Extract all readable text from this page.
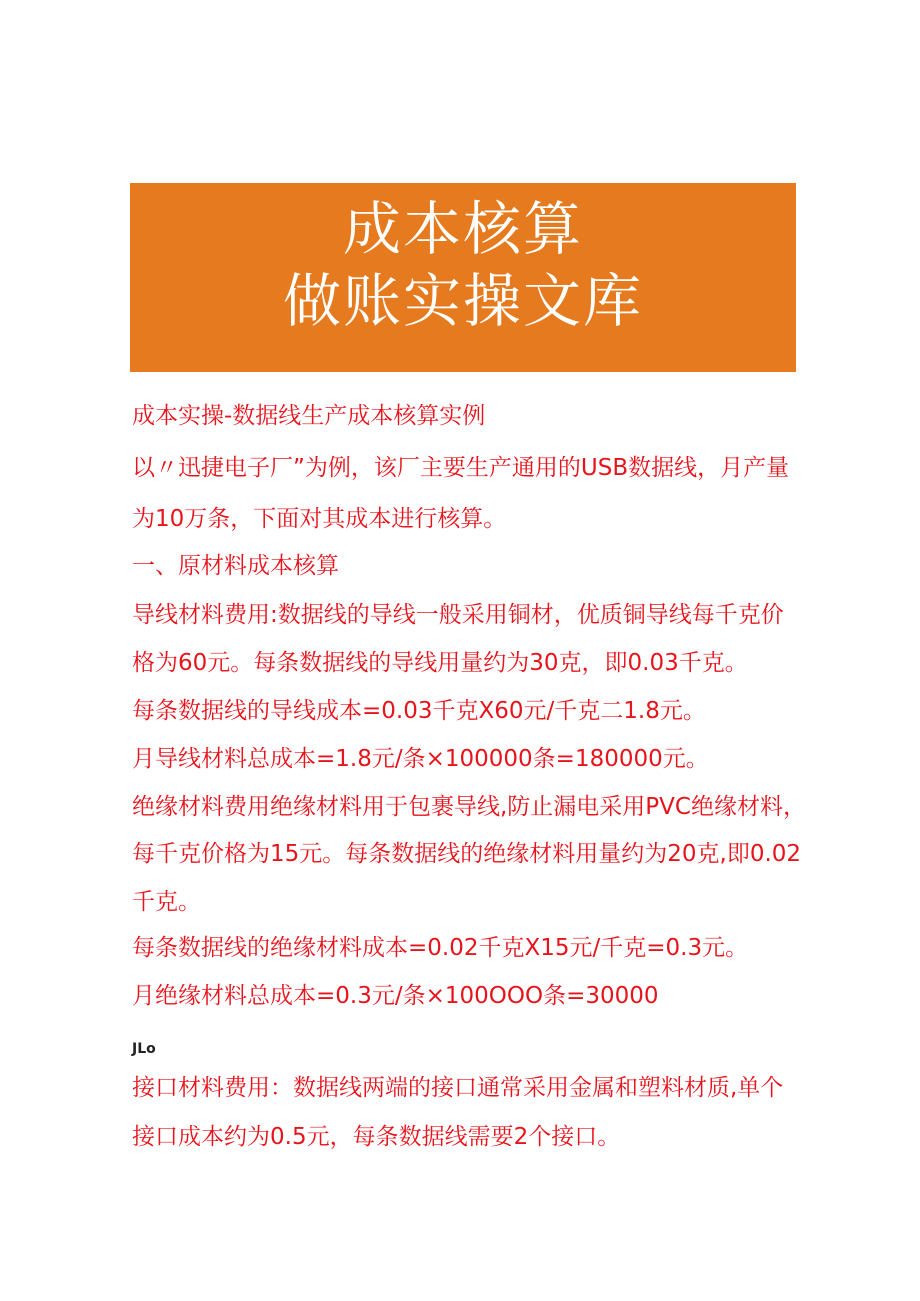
成本核算
做账实操文库
成本实操-数据线生产成本核算实例
以〃迅捷电子厂”为例，该厂主要生产通用的USB数据线，月产量
为10万条，下面对其成本进行核算。
一、原材料成本核算
导线材料费用:数据线的导线一般采用铜材，优质铜导线每千克价
格为60元。每条数据线的导线用量约为30克，即0.03千克。
每条数据线的导线成本=0.03千克X60元/千克二1.8元。
月导线材料总成本=1.8元/条×100000条=180000元。
绝缘材料费用绝缘材料用于包裹导线,防止漏电采用PVC绝缘材料，
每千克价格为15元。每条数据线的绝缘材料用量约为20克,即0.02
千克。
每条数据线的绝缘材料成本=0.02千克X15元/千克=0.3元。
月绝缘材料总成本=0.3元/条×100OOO条=30000
JLo
接口材料费用：数据线两端的接口通常采用金属和塑料材质,单个
接口成本约为0.5元，每条数据线需要2个接口。
